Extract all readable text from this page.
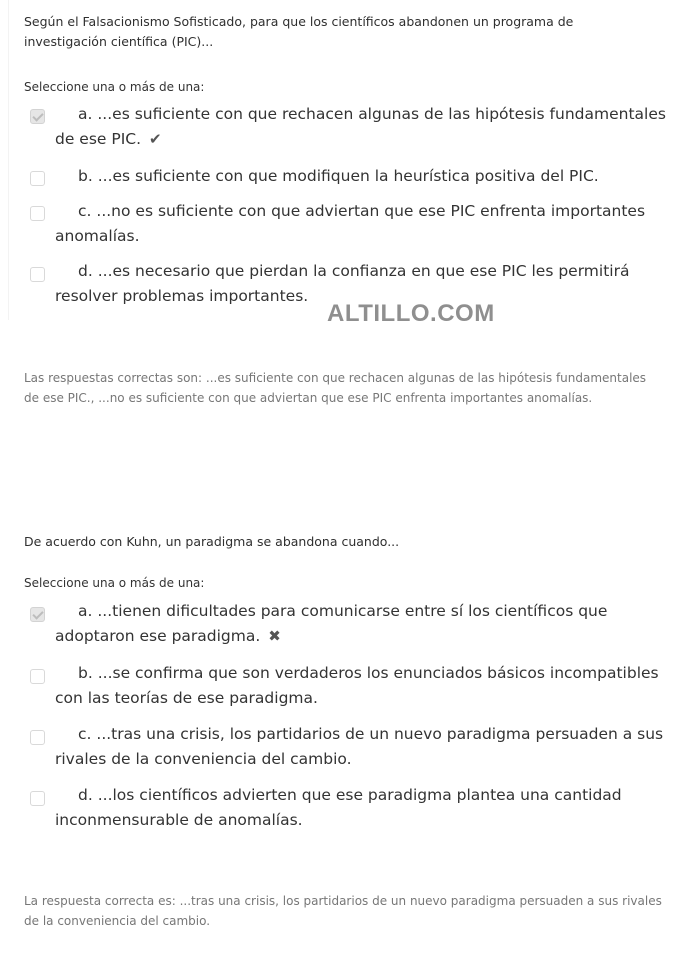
Según el Falsacionismo Sofisticado, para que los científicos abandonen un programa de investigación científica (PIC)...
Seleccione una o más de una:
a. ...es suficiente con que rechacen algunas de las hipótesis fundamentales de ese PIC. ✔
b. ...es suficiente con que modifiquen la heurística positiva del PIC.
c. ...no es suficiente con que adviertan que ese PIC enfrenta importantes anomalías.
d. ...es necesario que pierdan la confianza en que ese PIC les permitirá resolver problemas importantes.
Las respuestas correctas son: ...es suficiente con que rechacen algunas de las hipótesis fundamentales de ese PIC., ...no es suficiente con que adviertan que ese PIC enfrenta importantes anomalías.
ALTILLO.COM
De acuerdo con Kuhn, un paradigma se abandona cuando...
Seleccione una o más de una:
a. ...tienen dificultades para comunicarse entre sí los científicos que adoptaron ese paradigma. ✖
b. ...se confirma que son verdaderos los enunciados básicos incompatibles con las teorías de ese paradigma.
c. ...tras una crisis, los partidarios de un nuevo paradigma persuaden a sus rivales de la conveniencia del cambio.
d. ...los científicos advierten que ese paradigma plantea una cantidad inconmensurable de anomalías.
La respuesta correcta es: ...tras una crisis, los partidarios de un nuevo paradigma persuaden a sus rivales de la conveniencia del cambio.
